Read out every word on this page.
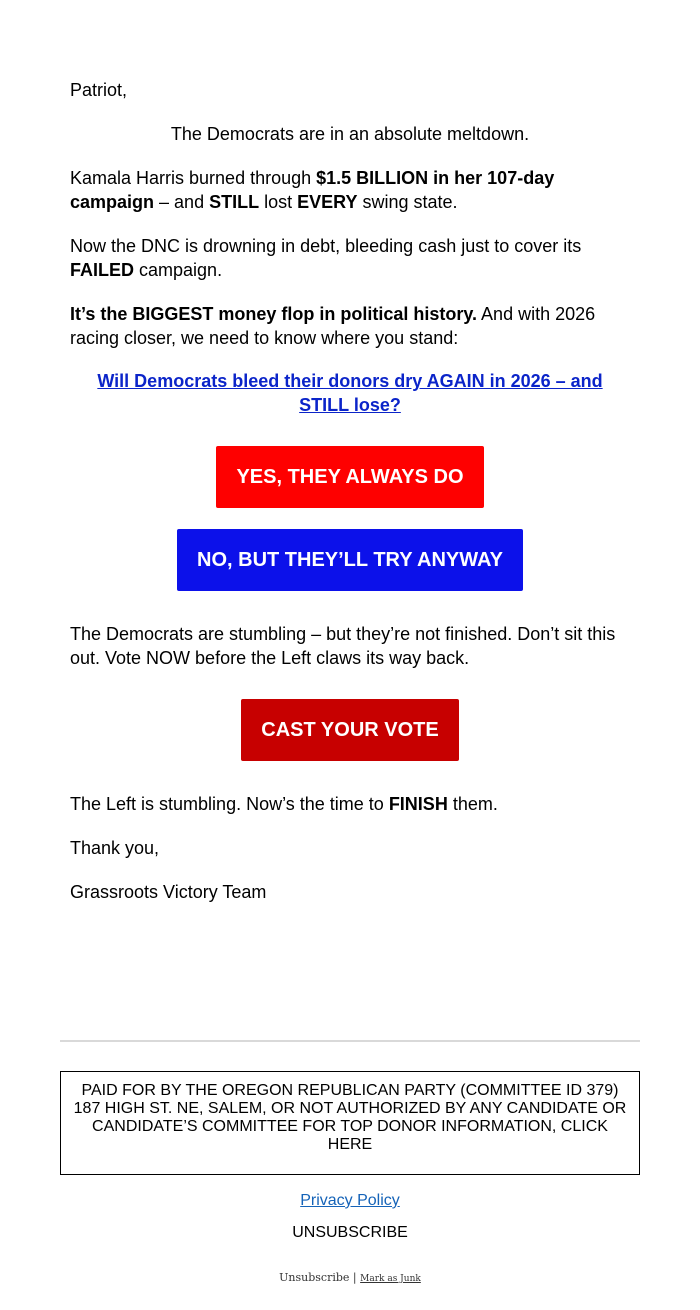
Patriot,

The Democrats are in an absolute meltdown.

Kamala Harris burned through $1.5 BILLION in her 107-day campaign – and STILL lost EVERY swing state.

Now the DNC is drowning in debt, bleeding cash just to cover its FAILED campaign.

It’s the BIGGEST money flop in political history. And with 2026 racing closer, we need to know where you stand:

Will Democrats bleed their donors dry AGAIN in 2026 – and STILL lose?

The Democrats are stumbling – but they’re not finished. Don’t sit this out. Vote NOW before the Left claws its way back.

The Left is stumbling. Now’s the time to FINISH them.

Thank you,

Grassroots Victory Team

YES, THEY ALWAYS DO
NO, BUT THEY’LL TRY ANYWAY
CAST YOUR VOTE
PAID FOR BY THE OREGON REPUBLICAN PARTY (COMMITTEE ID 379) 187 HIGH ST. NE, SALEM, OR NOT AUTHORIZED BY ANY CANDIDATE OR CANDIDATE’S COMMITTEE FOR TOP DONOR INFORMATION, CLICK HERE
Privacy Policy
UNSUBSCRIBE
Unsubscribe | Mark as Junk
